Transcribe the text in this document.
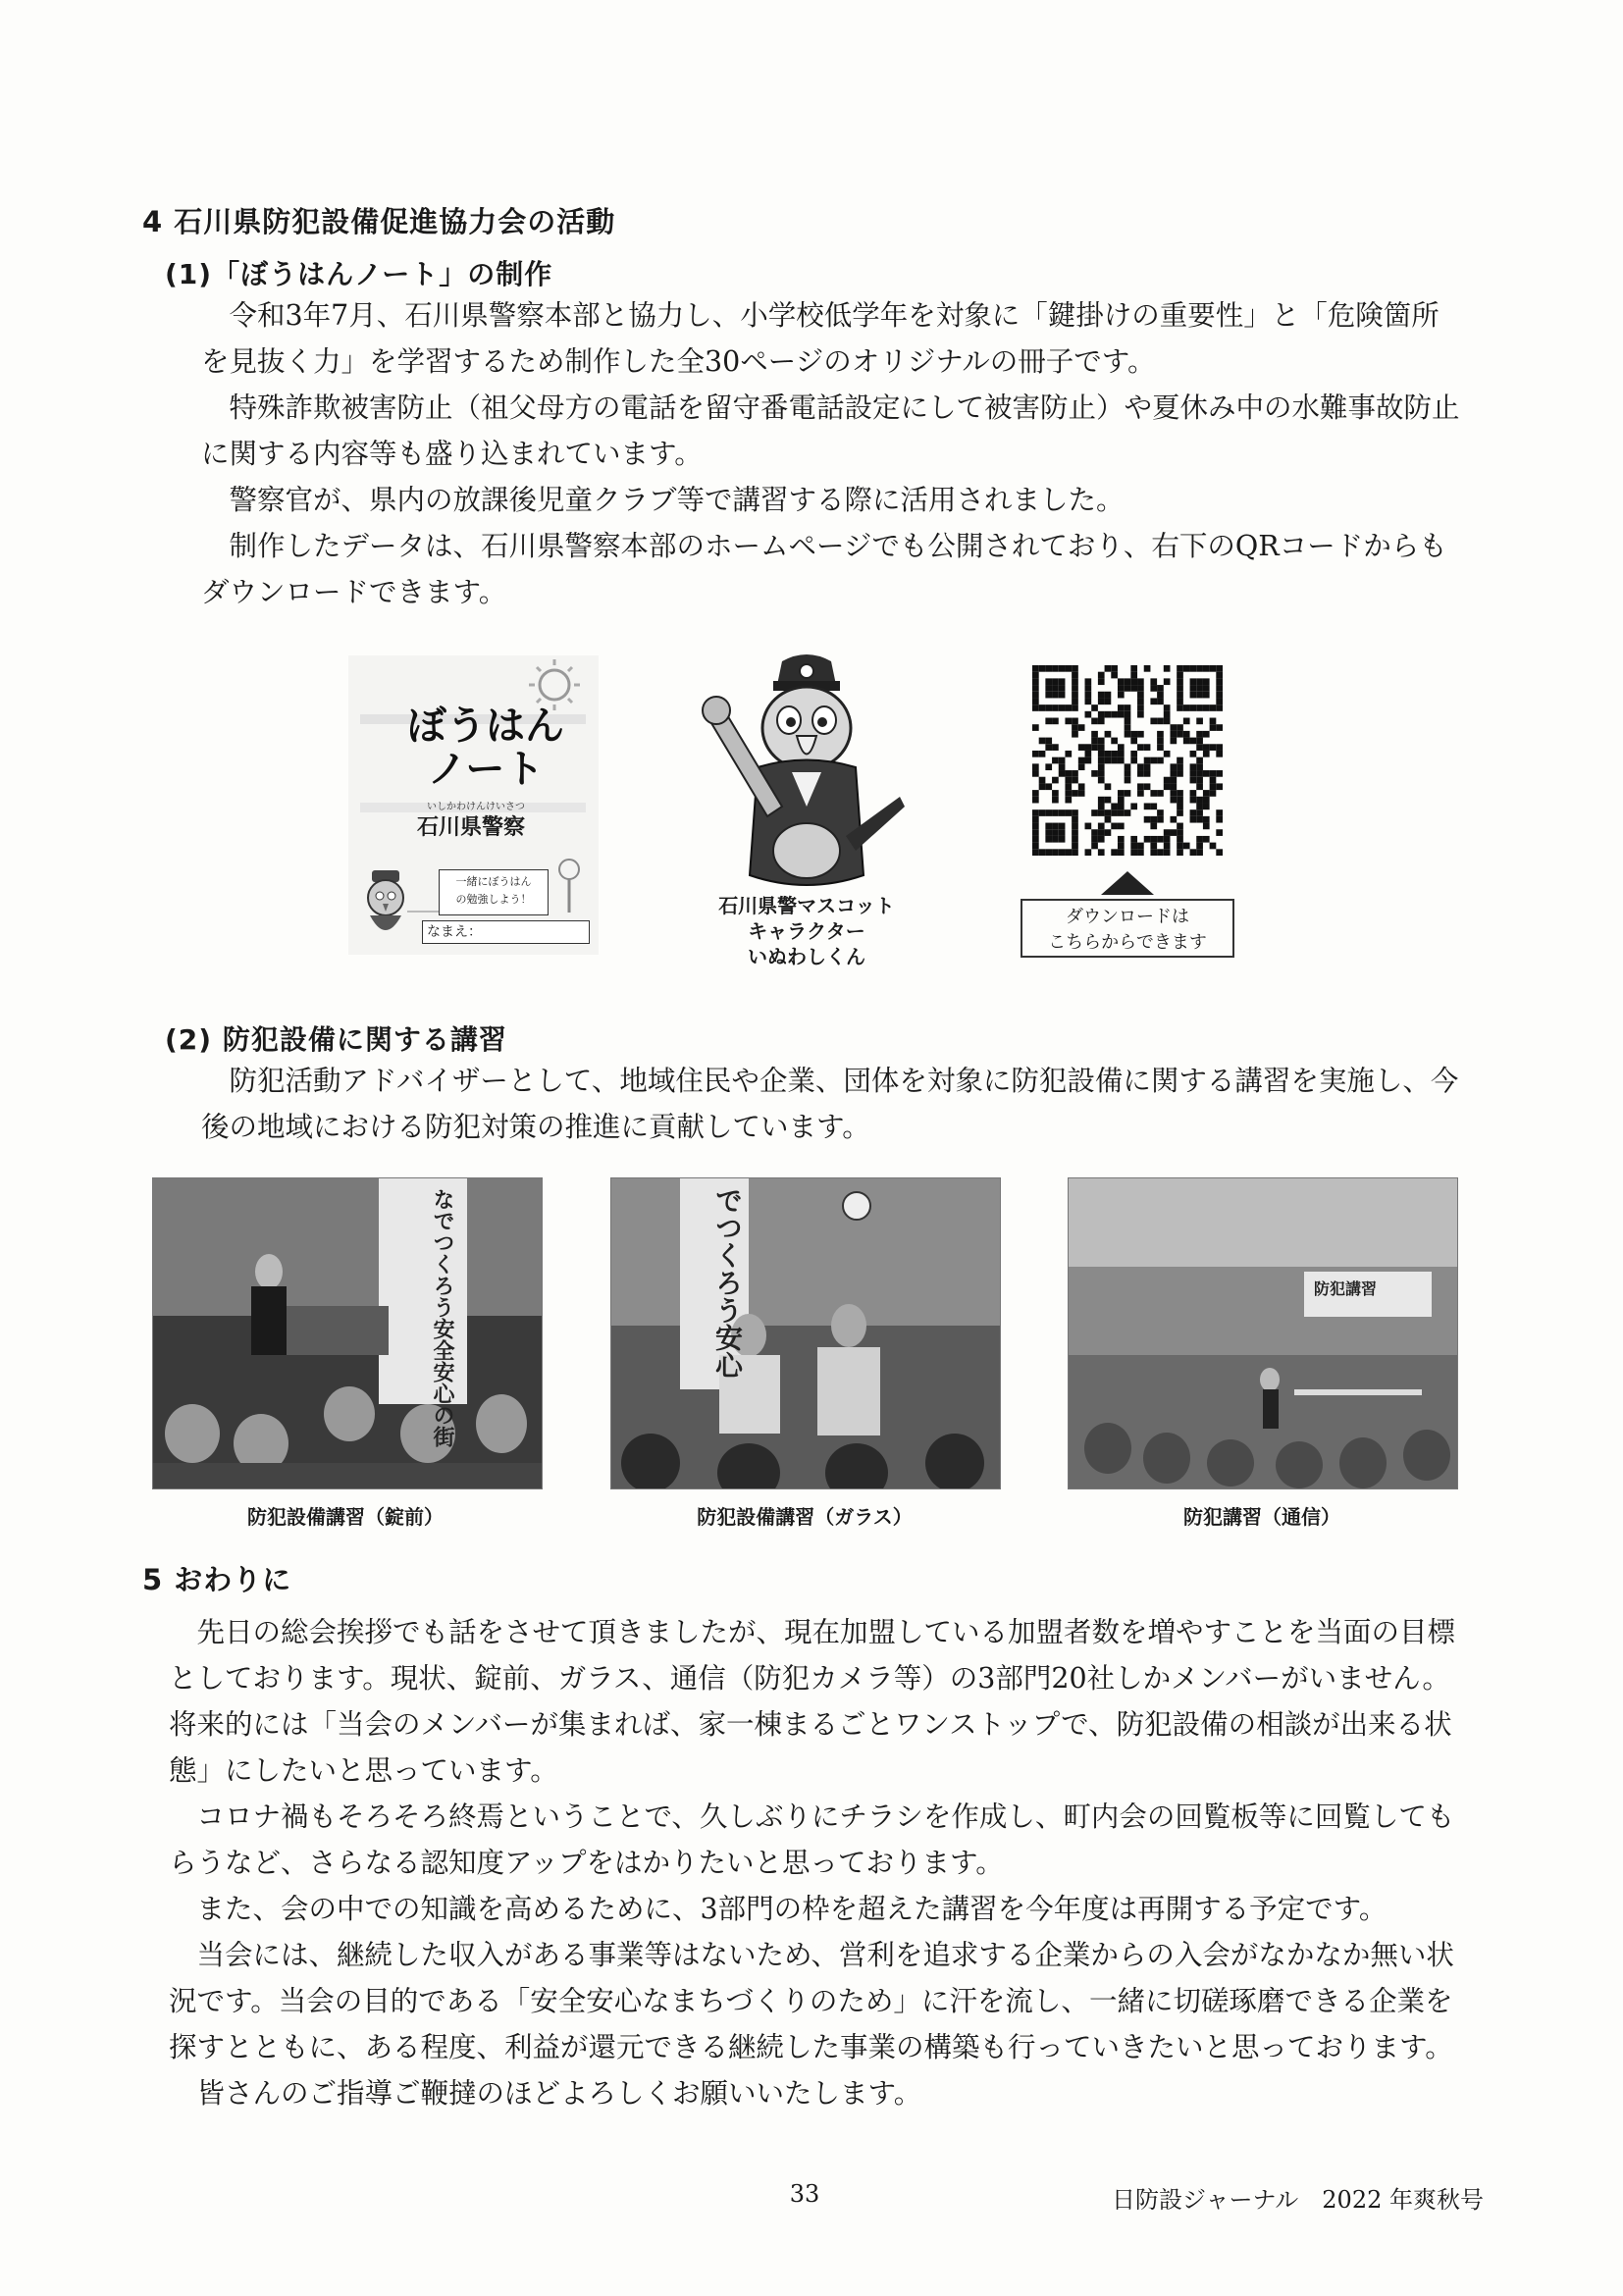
4 石川県防犯設備促進協力会の活動
(1)「ぼうはんノート」の制作

令和3年7月、石川県警察本部と協力し、小学校低学年を対象に「鍵掛けの重要性」と「危険箇所を見抜く力」を学習するため制作した全30ページのオリジナルの冊子です。

特殊詐欺被害防止（祖父母方の電話を留守番電話設定にして被害防止）や夏休み中の水難事故防止に関する内容等も盛り込まれています。

警察官が、県内の放課後児童クラブ等で講習する際に活用されました。

制作したデータは、石川県警察本部のホームページでも公開されており、右下のQRコードからもダウンロードできます。

ぼうはん
ノート
いしかわけんけいさつ
石川県警察
一緒にぼうはん
の勉強しよう！
なまえ：
石川県警マスコット
キャラクター
いぬわしくん
ダウンロードは
こちらからできます
(2) 防犯設備に関する講習

防犯活動アドバイザーとして、地域住民や企業、団体を対象に防犯設備に関する講習を実施し、今後の地域における防犯対策の推進に貢献しています。

なでつくろう安全安心の街	でつくろう安心	防犯講習
防犯設備講習（錠前）	防犯設備講習（ガラス）	防犯講習（通信）
5 おわりに

先日の総会挨拶でも話をさせて頂きましたが、現在加盟している加盟者数を増やすことを当面の目標としております。現状、錠前、ガラス、通信（防犯カメラ等）の3部門20社しかメンバーがいません。将来的には「当会のメンバーが集まれば、家一棟まるごとワンストップで、防犯設備の相談が出来る状態」にしたいと思っています。

コロナ禍もそろそろ終焉ということで、久しぶりにチラシを作成し、町内会の回覧板等に回覧してもらうなど、さらなる認知度アップをはかりたいと思っております。

また、会の中での知識を高めるために、3部門の枠を超えた講習を今年度は再開する予定です。

当会には、継続した収入がある事業等はないため、営利を追求する企業からの入会がなかなか無い状況です。当会の目的である「安全安心なまちづくりのため」に汗を流し、一緒に切磋琢磨できる企業を探すとともに、ある程度、利益が還元できる継続した事業の構築も行っていきたいと思っております。

皆さんのご指導ご鞭撻のほどよろしくお願いいたします。

33	日防設ジャーナル　2022 年爽秋号
